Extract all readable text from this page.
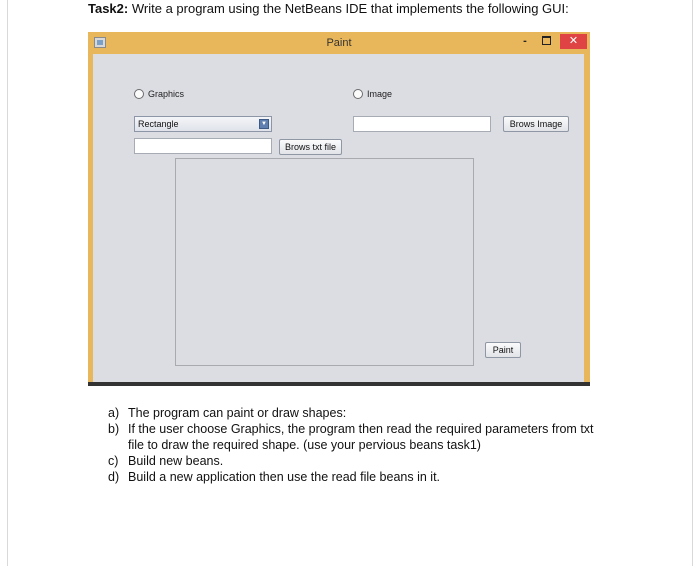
Task2: Write a program using the NetBeans IDE that implements the following GUI:
Paint	-	✕
Graphics	Image
Rectangle	▼	Brows Image
Brows txt file
Paint

a) The program can paint or draw shapes:

b) If the user choose Graphics, the program then read the required parameters from txt file to draw the required shape. (use your pervious beans task1)

c) Build new beans.

d) Build a new application then use the read file beans in it.
